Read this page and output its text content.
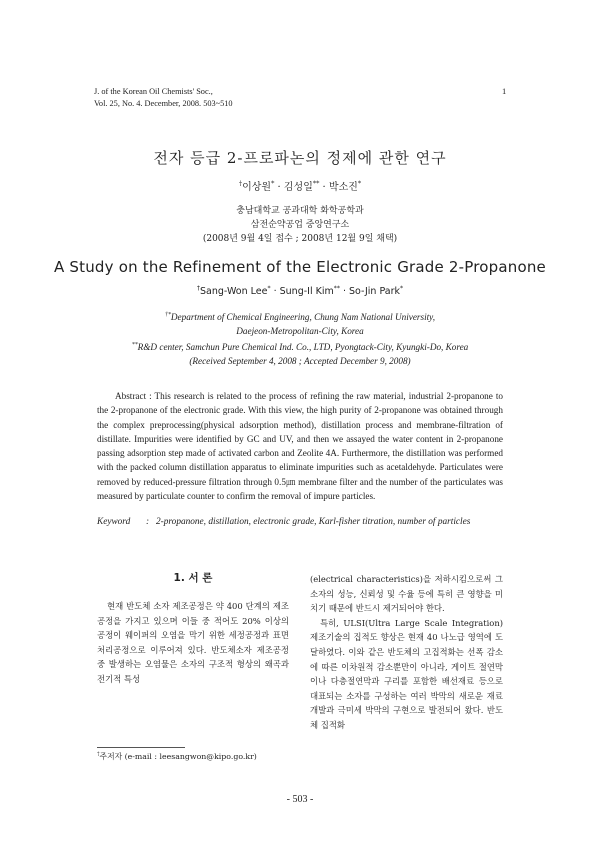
J. of the Korean Oil Chemists' Soc.,
Vol. 25, No. 4. December, 2008. 503~510
1
전자 등급 2-프로파논의 정제에 관한 연구
†이상원* · 김성일** · 박소진*
충남대학교 공과대학 화학공학과
삼전순약공업 중앙연구소
(2008년 9월 4일 접수 ; 2008년 12월 9일 채택)
A Study on the Refinement of the Electronic Grade 2-Propanone
†Sang-Won Lee* · Sung-Il Kim** · So-Jin Park*
†*Department of Chemical Engineering, Chung Nam National University,
Daejeon-Metropolitan-City, Korea
**R&D center, Samchun Pure Chemical Ind. Co., LTD, Pyongtack-City, Kyungki-Do, Korea
(Received September 4, 2008 ; Accepted December 9, 2008)
Abstract : This research is related to the process of refining the raw material, industrial 2-propanone to the 2-propanone of the electronic grade. With this view, the high purity of 2-propanone was obtained through the complex preprocessing(physical adsorption method), distillation process and membrane-filtration of distillate. Impurities were identified by GC and UV, and then we assayed the water content in 2-propanone passing adsorption step made of activated carbon and Zeolite 4A. Furthermore, the distillation was performed with the packed column distillation apparatus to eliminate impurities such as acetaldehyde. Particulates were removed by reduced-pressure filtration through 0.5㎛ membrane filter and the number of the particulates was measured by particulate counter to confirm the removal of impure particles.
Keyword	: 2-propanone, distillation, electronic grade, Karl-fisher titration, number of particles
1. 서 론
현재 반도체 소자 제조공정은 약 400 단계의 제조공정을 가지고 있으며 이들 중 적어도 20% 이상의 공정이 웨이퍼의 오염을 막기 위한 세정공정과 표면처리공정으로 이루어져 있다. 반도체소자 제조공정 중 발생하는 오염물은 소자의 구조적 형상의 왜곡과 전기적 특성

(electrical characteristics)을 저하시킴으로써 그 소자의 성능, 신뢰성 및 수율 등에 특히 큰 영향을 미치기 때문에 반드시 제거되어야 한다.

특히, ULSI(Ultra Large Scale Integration) 제조기술의 집적도 향상은 현재 40 나노급 영역에 도달하였다. 이와 같은 반도체의 고집적화는 선폭 감소에 따른 이차원적 감소뿐만이 아니라, 게이트 절연막이나 다층절연막과 구리를 포함한 배선재료 등으로 대표되는 소자를 구성하는 여러 박막의 새로운 재료개발과 극미세 박막의 구현으로 발전되어 왔다. 반도체 집적화

†주저자 (e-mail : leesangwon@kipo.go.kr)
- 503 -
